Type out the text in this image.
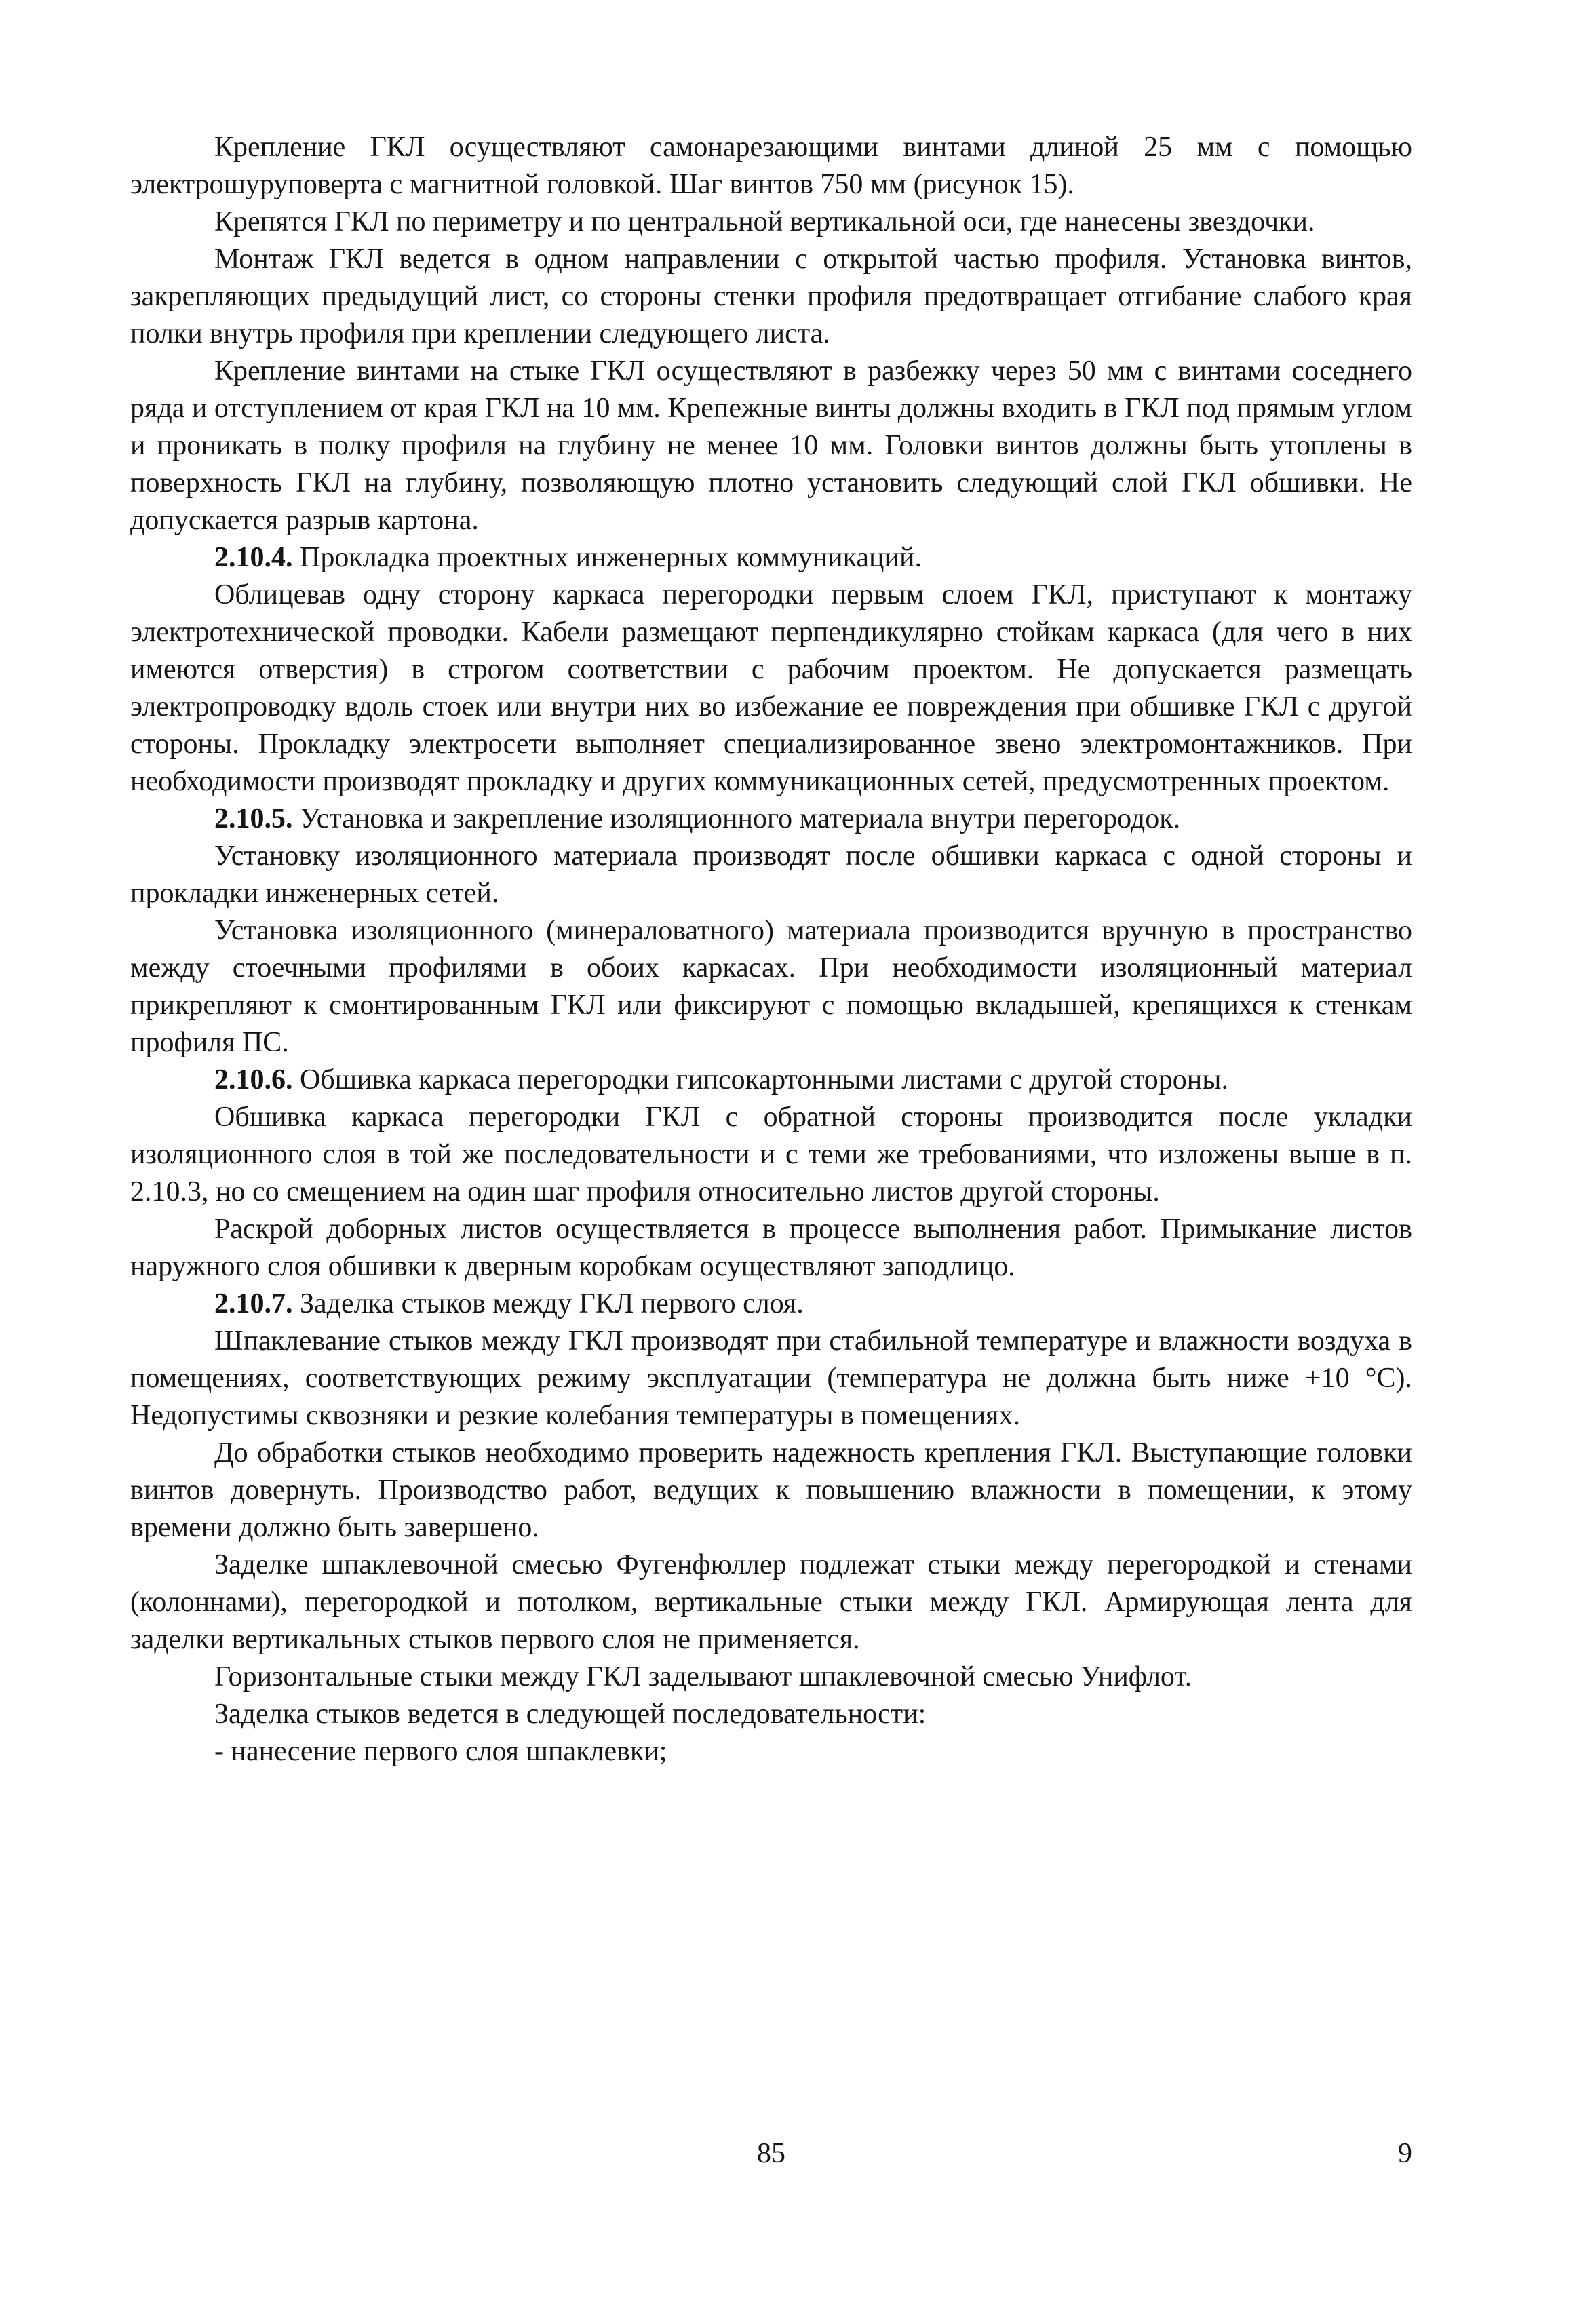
Крепление ГКЛ осуществляют самонарезающими винтами длиной 25 мм с помощью электрошуруповерта с магнитной головкой. Шаг винтов 750 мм (рисунок 15).

Крепятся ГКЛ по периметру и по центральной вертикальной оси, где нанесены звездочки.

Монтаж ГКЛ ведется в одном направлении с открытой частью профиля. Установка винтов, закрепляющих предыдущий лист, со стороны стенки профиля предотвращает отгибание слабого края полки внутрь профиля при креплении следующего листа.

Крепление винтами на стыке ГКЛ осуществляют в разбежку через 50 мм с винтами соседнего ряда и отступлением от края ГКЛ на 10 мм. Крепежные винты должны входить в ГКЛ под прямым углом и проникать в полку профиля на глубину не менее 10 мм. Головки винтов должны быть утоплены в поверхность ГКЛ на глубину, позволяющую плотно установить следующий слой ГКЛ обшивки. Не допускается разрыв картона.

2.10.4. Прокладка проектных инженерных коммуникаций.

Облицевав одну сторону каркаса перегородки первым слоем ГКЛ, приступают к монтажу электротехнической проводки. Кабели размещают перпендикулярно стойкам каркаса (для чего в них имеются отверстия) в строгом соответствии с рабочим проектом. Не допускается размещать электропроводку вдоль стоек или внутри них во избежание ее повреждения при обшивке ГКЛ с другой стороны. Прокладку электросети выполняет специализированное звено электромонтажников. При необходимости производят прокладку и других коммуникационных сетей, предусмотренных проектом.

2.10.5. Установка и закрепление изоляционного материала внутри перегородок.

Установку изоляционного материала производят после обшивки каркаса с одной стороны и прокладки инженерных сетей.

Установка изоляционного (минераловатного) материала производится вручную в пространство между стоечными профилями в обоих каркасах. При необходимости изоляционный материал прикрепляют к смонтированным ГКЛ или фиксируют с помощью вкладышей, крепящихся к стенкам профиля ПС.

2.10.6. Обшивка каркаса перегородки гипсокартонными листами с другой стороны.

Обшивка каркаса перегородки ГКЛ с обратной стороны производится после укладки изоляционного слоя в той же последовательности и с теми же требованиями, что изложены выше в п. 2.10.3, но со смещением на один шаг профиля относительно листов другой стороны.

Раскрой доборных листов осуществляется в процессе выполнения работ. Примыкание листов наружного слоя обшивки к дверным коробкам осуществляют заподлицо.

2.10.7. Заделка стыков между ГКЛ первого слоя.

Шпаклевание стыков между ГКЛ производят при стабильной температуре и влажности воздуха в помещениях, соответствующих режиму эксплуатации (температура не должна быть ниже +10 °С). Недопустимы сквозняки и резкие колебания температуры в помещениях.

До обработки стыков необходимо проверить надежность крепления ГКЛ. Выступающие головки винтов довернуть. Производство работ, ведущих к повышению влажности в помещении, к этому времени должно быть завершено.

Заделке шпаклевочной смесью Фугенфюллер подлежат стыки между перегородкой и стенами (колоннами), перегородкой и потолком, вертикальные стыки между ГКЛ. Армирующая лента для заделки вертикальных стыков первого слоя не применяется.

Горизонтальные стыки между ГКЛ заделывают шпаклевочной смесью Унифлот.

Заделка стыков ведется в следующей последовательности:

- нанесение первого слоя шпаклевки;

85	9
